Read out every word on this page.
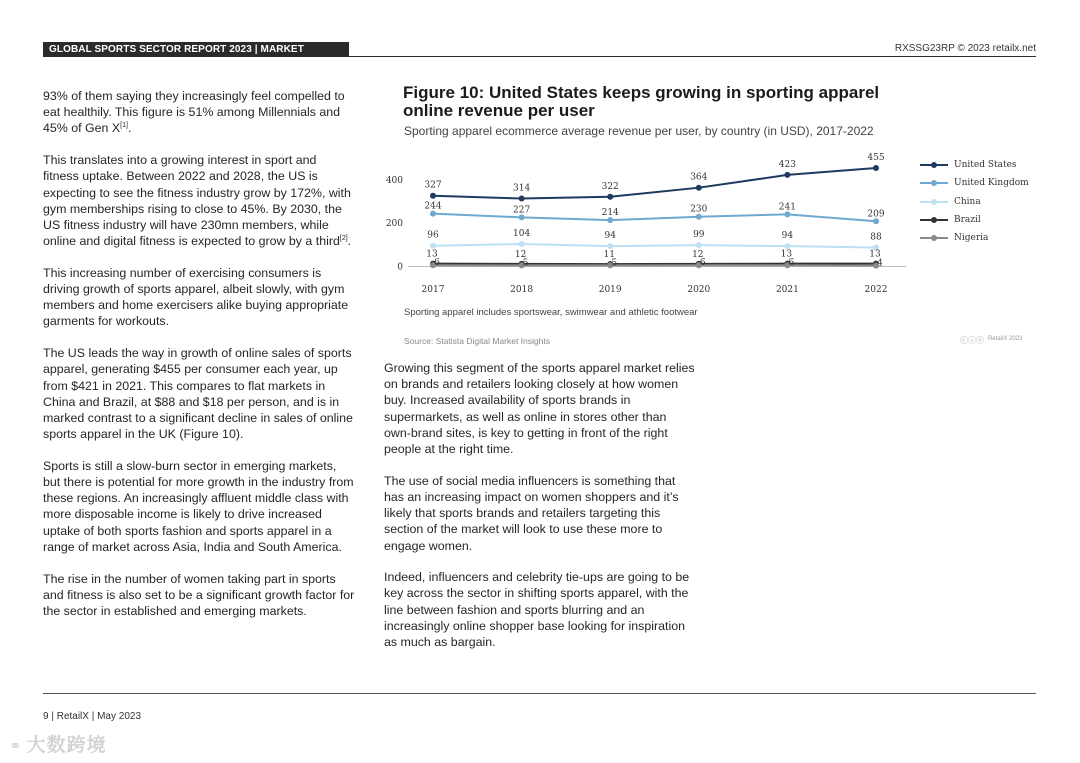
GLOBAL SPORTS SECTOR REPORT 2023 | MARKET SEGMENTS
RXSSG23RP © 2023 retailx.net

93% of them saying they increasingly feel compelled to eat healthily. This figure is 51% among Millennials and 45% of Gen X[1].

This translates into a growing interest in sport and fitness uptake. Between 2022 and 2028, the US is expecting to see the fitness industry grow by 172%, with gym memberships rising to close to 45%. By 2030, the US fitness industry will have 230mn members, while online and digital fitness is expected to grow by a third[2].

This increasing number of exercising consumers is driving growth of sports apparel, albeit slowly, with gym members and home exercisers alike buying appropriate garments for workouts.

The US leads the way in growth of online sales of sports apparel, generating $455 per consumer each year, up from $421 in 2021. This compares to flat markets in China and Brazil, at $88 and $18 per person, and is in marked contrast to a significant decline in sales of online sports apparel in the UK (Figure 10).

Sports is still a slow-burn sector in emerging markets, but there is potential for more growth in the industry from these regions. An increasingly affluent middle class with more disposable income is likely to drive increased uptake of both sports fashion and sports apparel in a range of market across Asia, India and South America.

The rise in the number of women taking part in sports and fitness is also set to be a significant growth factor for the sector in established and emerging markets.

Figure 10: United States keeps growing in sporting apparel online revenue per user
Sporting apparel ecommerce average revenue per user, by country (in USD), 2017-2022
0
200
400
2017	2018	2019	2020	2021	2022
327	314	322
364
423
455
244	227	214	230	241
209
96	104	94	99	94	88
13	12	11	12	13	13
6	5	5	6	6	4
United States
United Kingdom
China
Brazil
Nigeria
Sporting apparel includes sportswear, swimwear and athletic footwear
Source: Statista Digital Market Insights	ⓒⓘⓔ RetailX 2023

Growing this segment of the sports apparel market relies on brands and retailers looking closely at how women buy. Increased availability of sports brands in supermarkets, as well as online in stores other than own-brand sites, is key to getting in front of the right people at the right time.

The use of social media influencers is something that has an increasing impact on women shoppers and it’s likely that sports brands and retailers targeting this section of the market will look to use these more to engage women.

Indeed, influencers and celebrity tie-ups are going to be key across the sector in shifting sports apparel, with the line between fashion and sports blurring and an increasingly online shopper base looking for inspiration as much as bargain.

9 | RetailX | May 2023
⚭ 大数跨境
